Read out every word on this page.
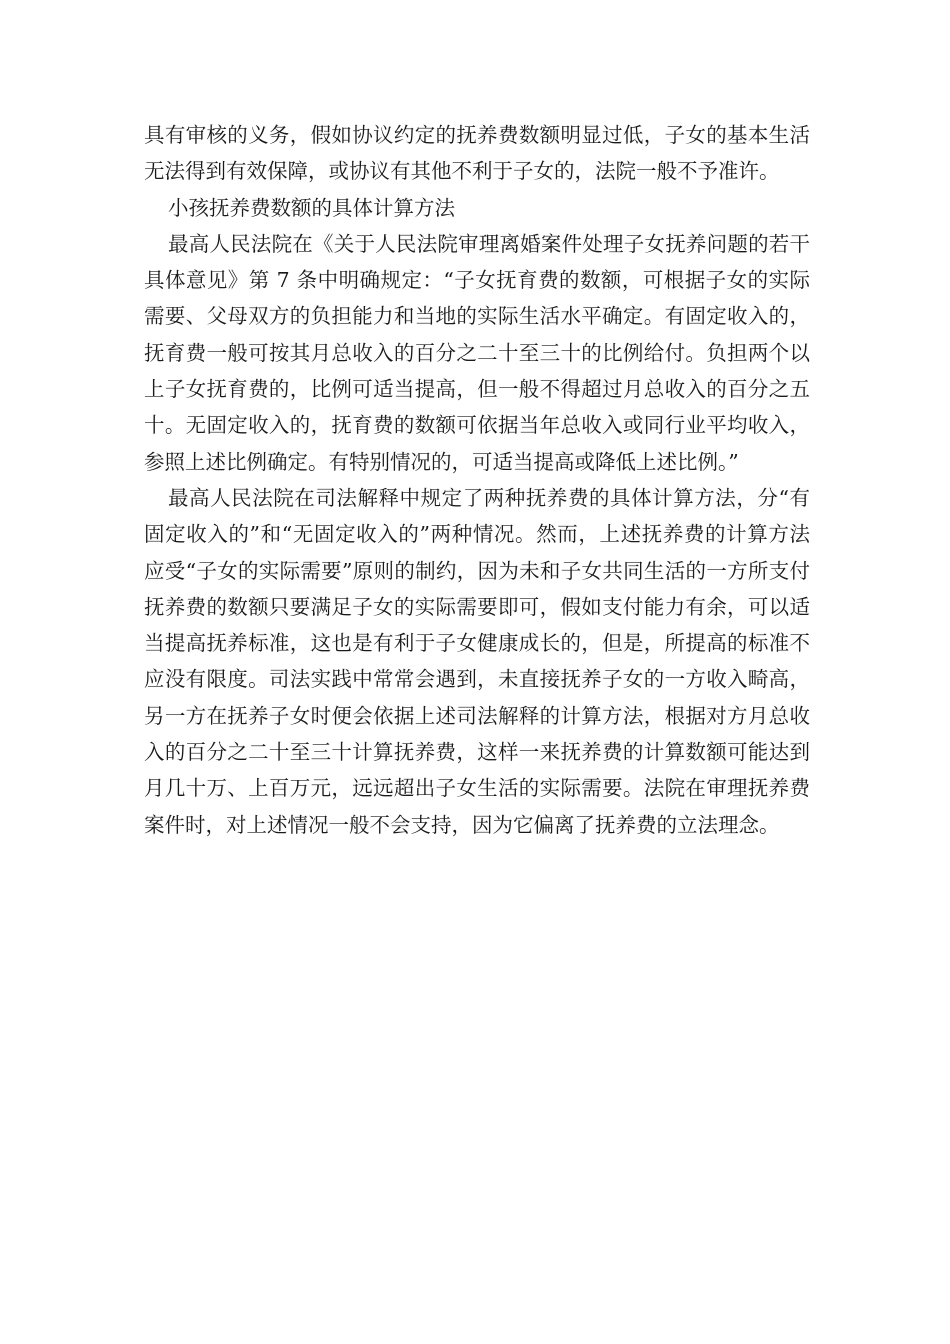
具有审核的义务，假如协议约定的抚养费数额明显过低，子女的基本生活无法得到有效保障，或协议有其他不利于子女的，法院一般不予准许。

小孩抚养费数额的具体计算方法

最高人民法院在《关于人民法院审理离婚案件处理子女抚养问题的若干具体意见》第 7 条中明确规定：“子女抚育费的数额，可根据子女的实际需要、父母双方的负担能力和当地的实际生活水平确定。有固定收入的，抚育费一般可按其月总收入的百分之二十至三十的比例给付。负担两个以上子女抚育费的，比例可适当提高，但一般不得超过月总收入的百分之五十。无固定收入的，抚育费的数额可依据当年总收入或同行业平均收入，参照上述比例确定。有特别情况的，可适当提高或降低上述比例。”

最高人民法院在司法解释中规定了两种抚养费的具体计算方法，分“有固定收入的”和“无固定收入的”两种情况。然而，上述抚养费的计算方法应受“子女的实际需要”原则的制约，因为未和子女共同生活的一方所支付抚养费的数额只要满足子女的实际需要即可，假如支付能力有余，可以适当提高抚养标准，这也是有利于子女健康成长的，但是，所提高的标准不应没有限度。司法实践中常常会遇到，未直接抚养子女的一方收入畸高，另一方在抚养子女时便会依据上述司法解释的计算方法，根据对方月总收入的百分之二十至三十计算抚养费，这样一来抚养费的计算数额可能达到月几十万、上百万元，远远超出子女生活的实际需要。法院在审理抚养费案件时，对上述情况一般不会支持，因为它偏离了抚养费的立法理念。
